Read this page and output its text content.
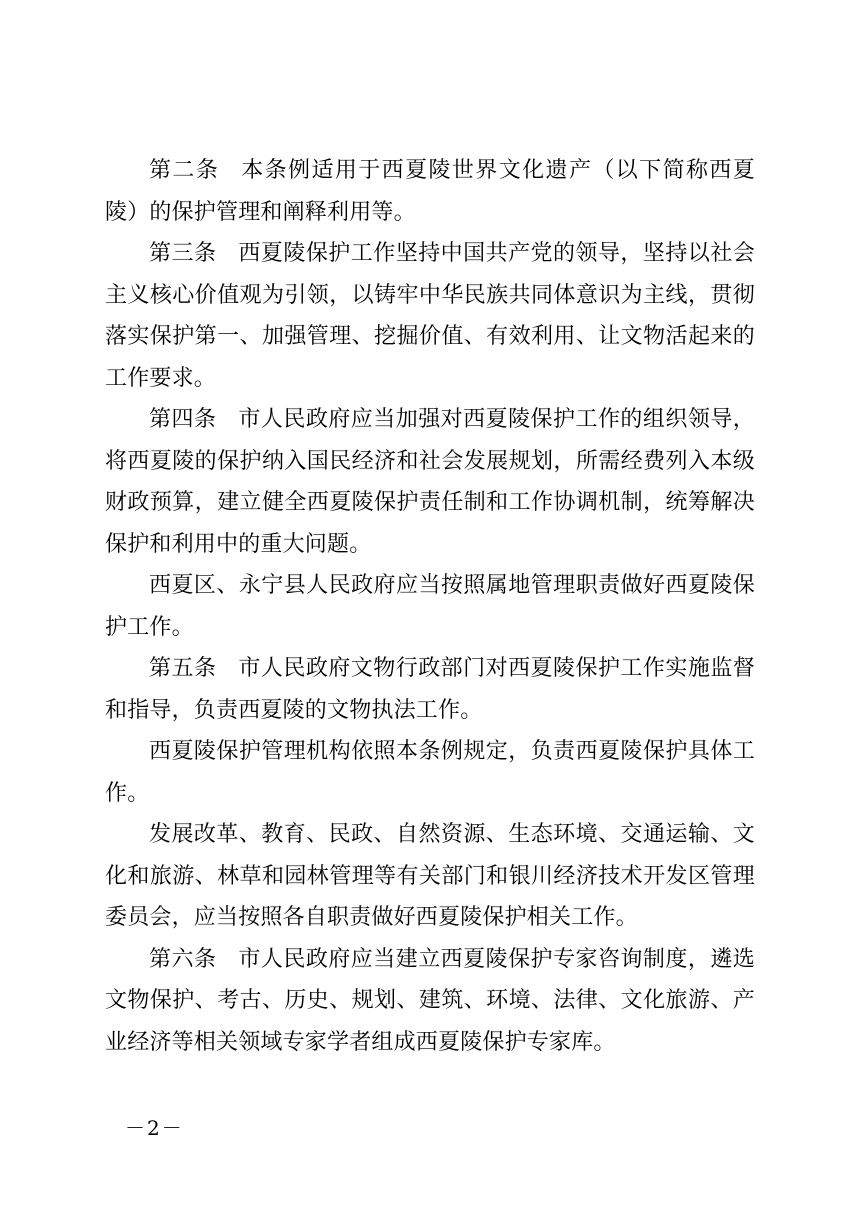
第二条 本条例适用于西夏陵世界文化遗产（以下简称西夏陵）的保护管理和阐释利用等。

第三条 西夏陵保护工作坚持中国共产党的领导，坚持以社会主义核心价值观为引领，以铸牢中华民族共同体意识为主线，贯彻落实保护第一、加强管理、挖掘价值、有效利用、让文物活起来的工作要求。

第四条 市人民政府应当加强对西夏陵保护工作的组织领导，将西夏陵的保护纳入国民经济和社会发展规划，所需经费列入本级财政预算，建立健全西夏陵保护责任制和工作协调机制，统筹解决保护和利用中的重大问题。

西夏区、永宁县人民政府应当按照属地管理职责做好西夏陵保护工作。

第五条 市人民政府文物行政部门对西夏陵保护工作实施监督和指导，负责西夏陵的文物执法工作。

西夏陵保护管理机构依照本条例规定，负责西夏陵保护具体工作。

发展改革、教育、民政、自然资源、生态环境、交通运输、文化和旅游、林草和园林管理等有关部门和银川经济技术开发区管理委员会，应当按照各自职责做好西夏陵保护相关工作。

第六条 市人民政府应当建立西夏陵保护专家咨询制度，遴选文物保护、考古、历史、规划、建筑、环境、法律、文化旅游、产业经济等相关领域专家学者组成西夏陵保护专家库。

－2－
